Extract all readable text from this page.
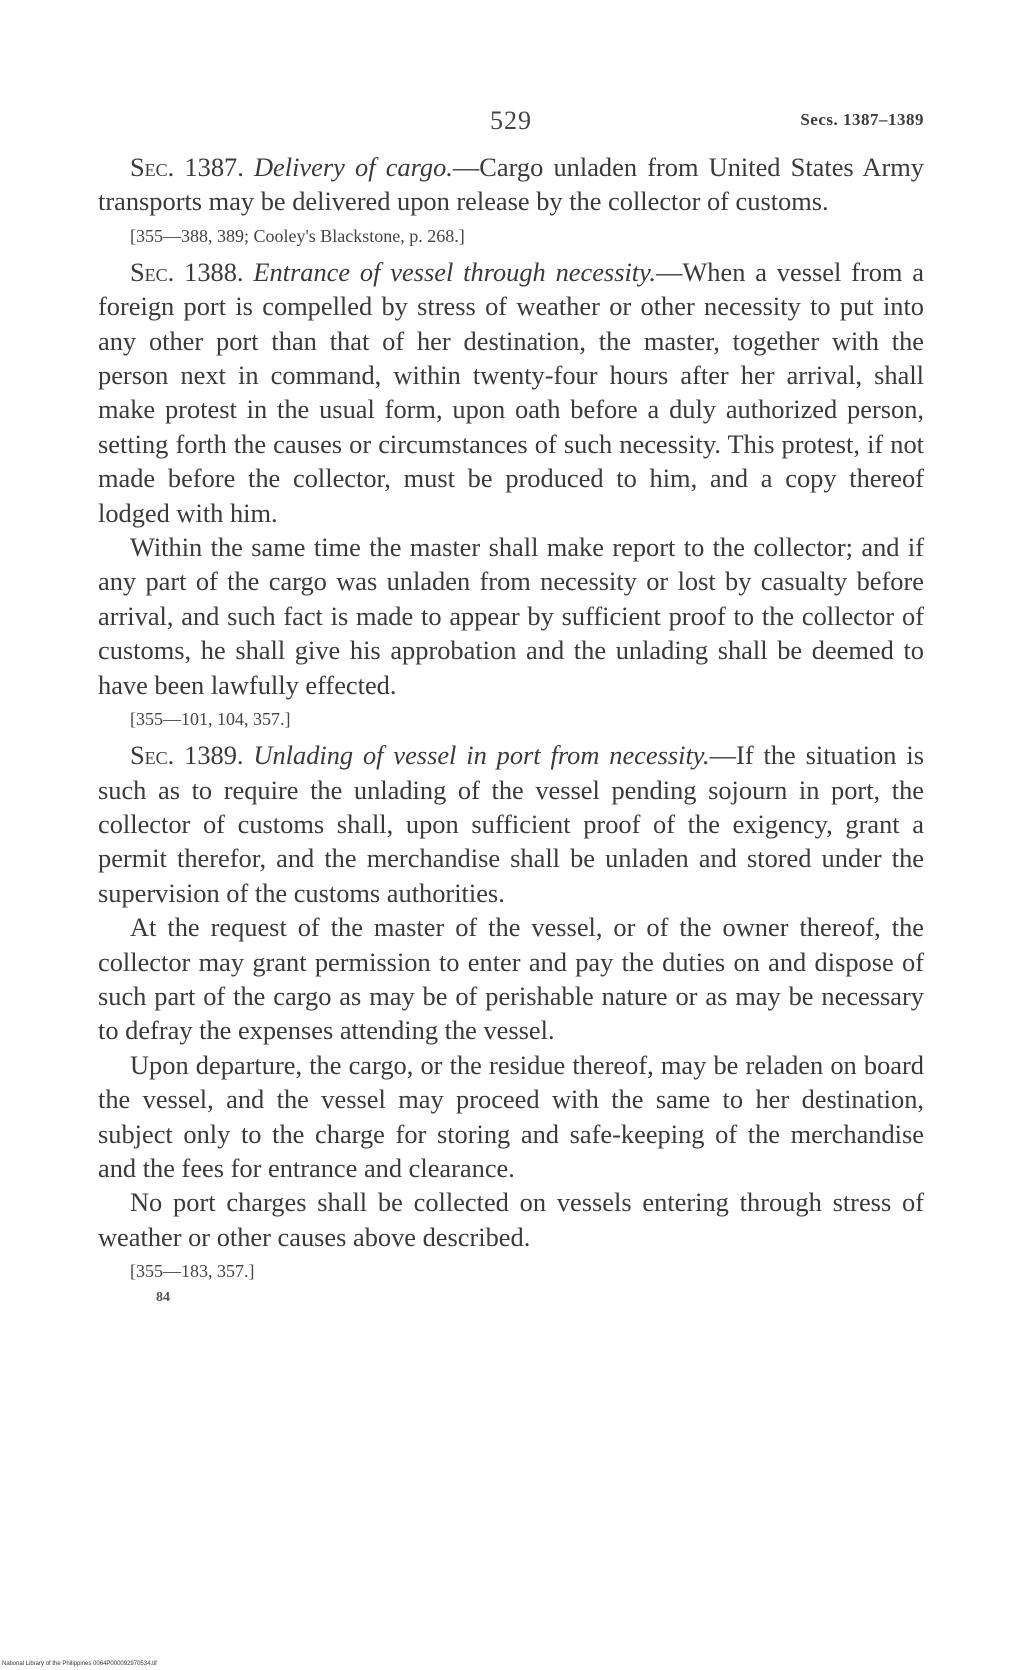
529	Secs. 1387–1389

Sec. 1387. Delivery of cargo.—Cargo unladen from United States Army transports may be delivered upon release by the collector of customs.

[355—388, 389; Cooley's Blackstone, p. 268.]

Sec. 1388. Entrance of vessel through necessity.—When a vessel from a foreign port is compelled by stress of weather or other necessity to put into any other port than that of her destination, the master, together with the person next in command, within twenty-four hours after her arrival, shall make protest in the usual form, upon oath before a duly authorized person, setting forth the causes or circumstances of such necessity. This protest, if not made before the collector, must be produced to him, and a copy thereof lodged with him.

Within the same time the master shall make report to the collector; and if any part of the cargo was unladen from necessity or lost by casualty before arrival, and such fact is made to appear by sufficient proof to the collector of customs, he shall give his approbation and the unlading shall be deemed to have been lawfully effected.

[355—101, 104, 357.]

Sec. 1389. Unlading of vessel in port from necessity.—If the situation is such as to require the unlading of the vessel pending sojourn in port, the collector of customs shall, upon sufficient proof of the exigency, grant a permit therefor, and the merchandise shall be unladen and stored under the supervision of the customs authorities.

At the request of the master of the vessel, or of the owner thereof, the collector may grant permission to enter and pay the duties on and dispose of such part of the cargo as may be of perishable nature or as may be necessary to defray the expenses attending the vessel.

Upon departure, the cargo, or the residue thereof, may be reladen on board the vessel, and the vessel may proceed with the same to her destination, subject only to the charge for storing and safe-keeping of the merchandise and the fees for entrance and clearance.

No port charges shall be collected on vessels entering through stress of weather or other causes above described.

[355—183, 357.]

84
National Library of the Philippines 0064P000092970534.tif
